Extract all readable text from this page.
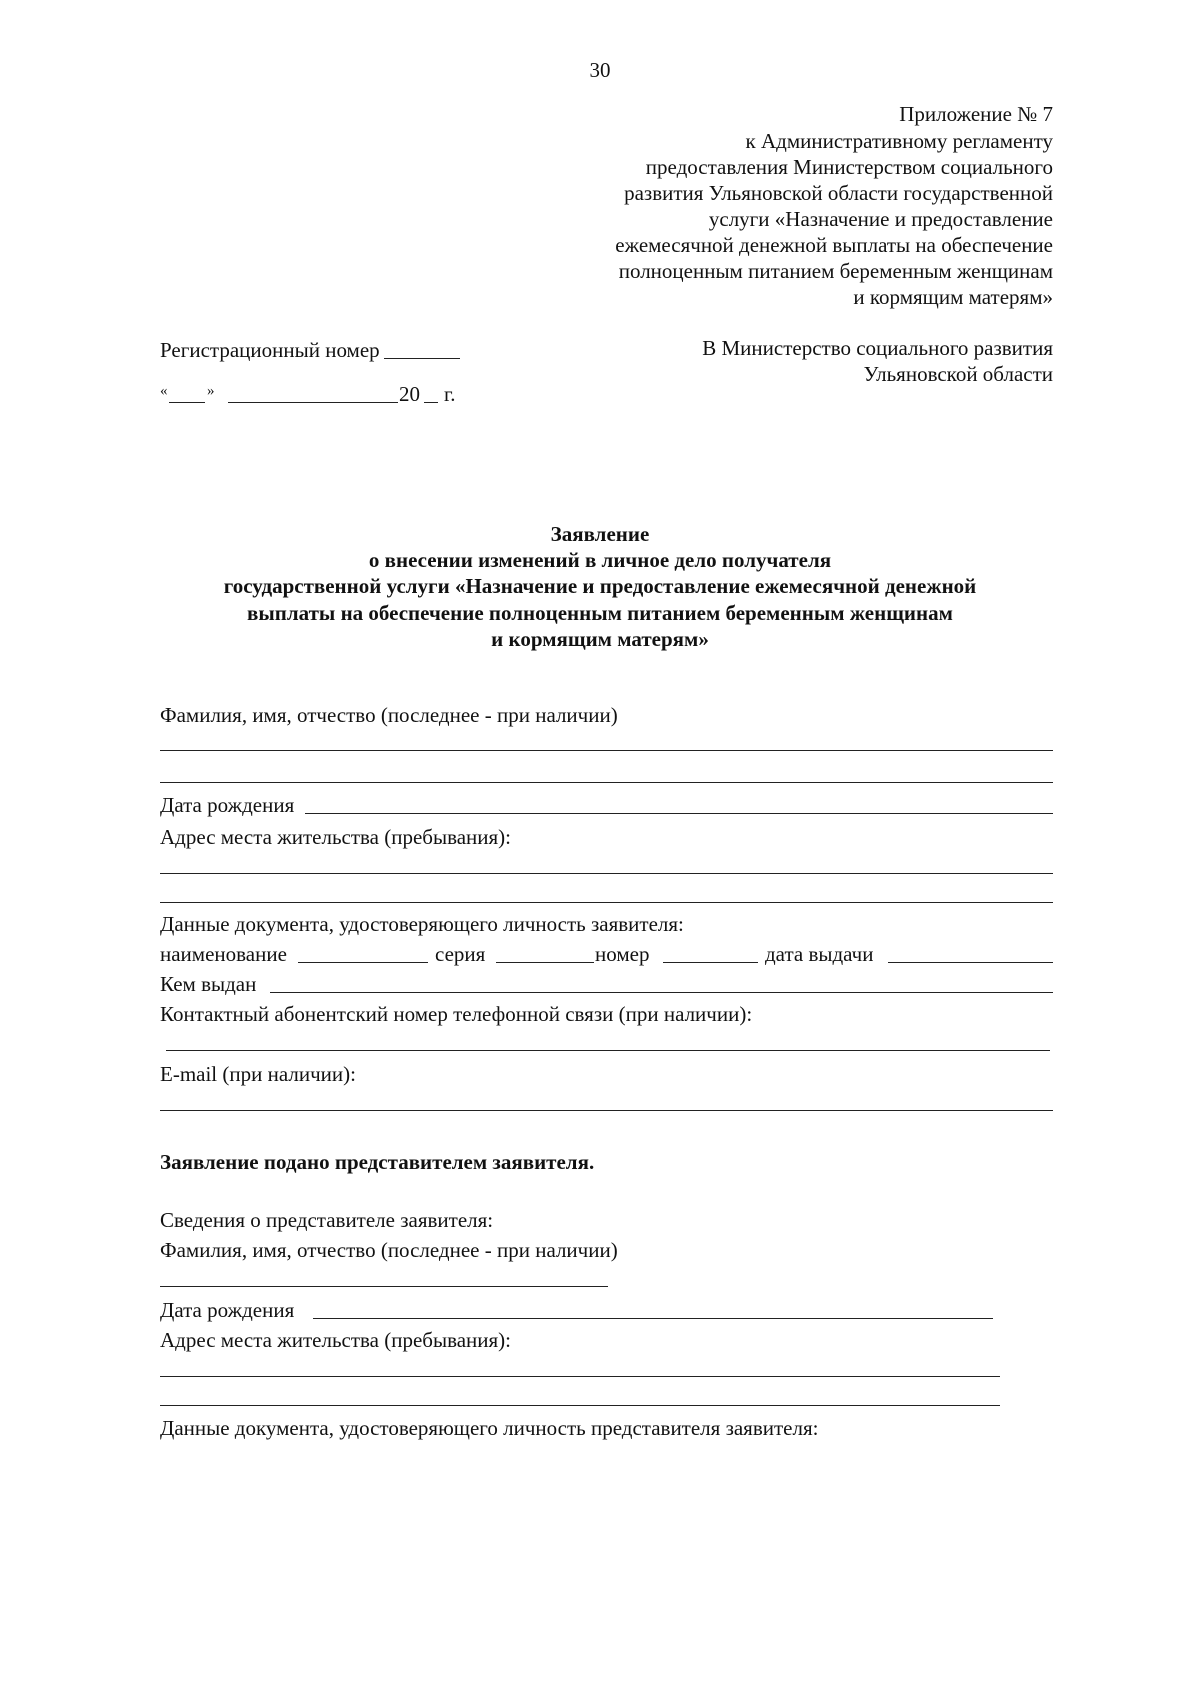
30
Приложение № 7
к Административному регламенту
предоставления Министерством социального
развития Ульяновской области государственной
услуги «Назначение и предоставление
ежемесячной денежной выплаты на обеспечение
полноценным питанием беременным женщинам
и кормящим матерям»
Регистрационный номер
«	»	20 г.
В Министерство социального развития
Ульяновской области
Заявление
о внесении изменений в личное дело получателя
государственной услуги «Назначение и предоставление ежемесячной денежной
выплаты на обеспечение полноценным питанием беременным женщинам
и кормящим матерям»
Фамилия, имя, отчество (последнее - при наличии)
Дата рождения
Адрес места жительства (пребывания):
Данные документа, удостоверяющего личность заявителя:
наименование	серия	номер	дата выдачи
Кем выдан
Контактный абонентский номер телефонной связи (при наличии):
E-mail (при наличии):
Заявление подано представителем заявителя.
Сведения о представителе заявителя:
Фамилия, имя, отчество (последнее - при наличии)
Дата рождения
Адрес места жительства (пребывания):
Данные документа, удостоверяющего личность представителя заявителя:
